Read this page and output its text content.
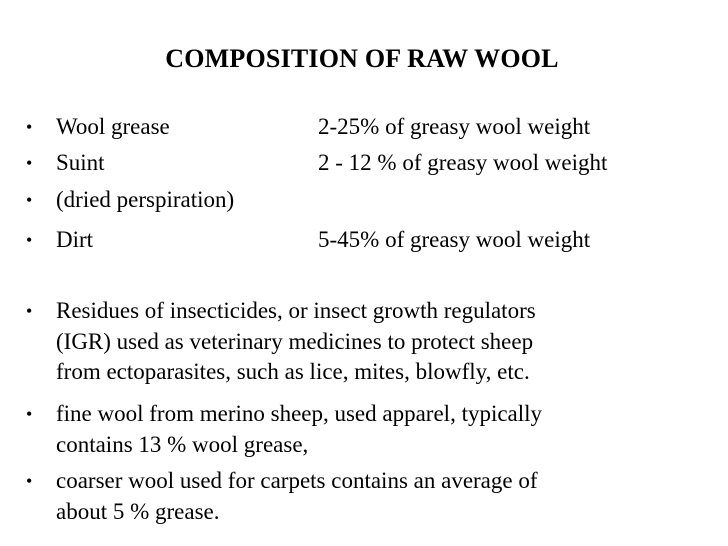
COMPOSITION OF RAW WOOL
• Wool grease	2-25% of greasy wool weight
• Suint	2 - 12 % of greasy wool weight
• (dried perspiration)
• Dirt	5-45% of greasy wool weight
• Residues of insecticides, or insect growth regulators
(IGR) used as veterinary medicines to protect sheep
from ectoparasites, such as lice, mites, blowfly, etc.
• fine wool from merino sheep, used apparel, typically
contains 13 % wool grease,
• coarser wool used for carpets contains an average of
about 5 % grease.
